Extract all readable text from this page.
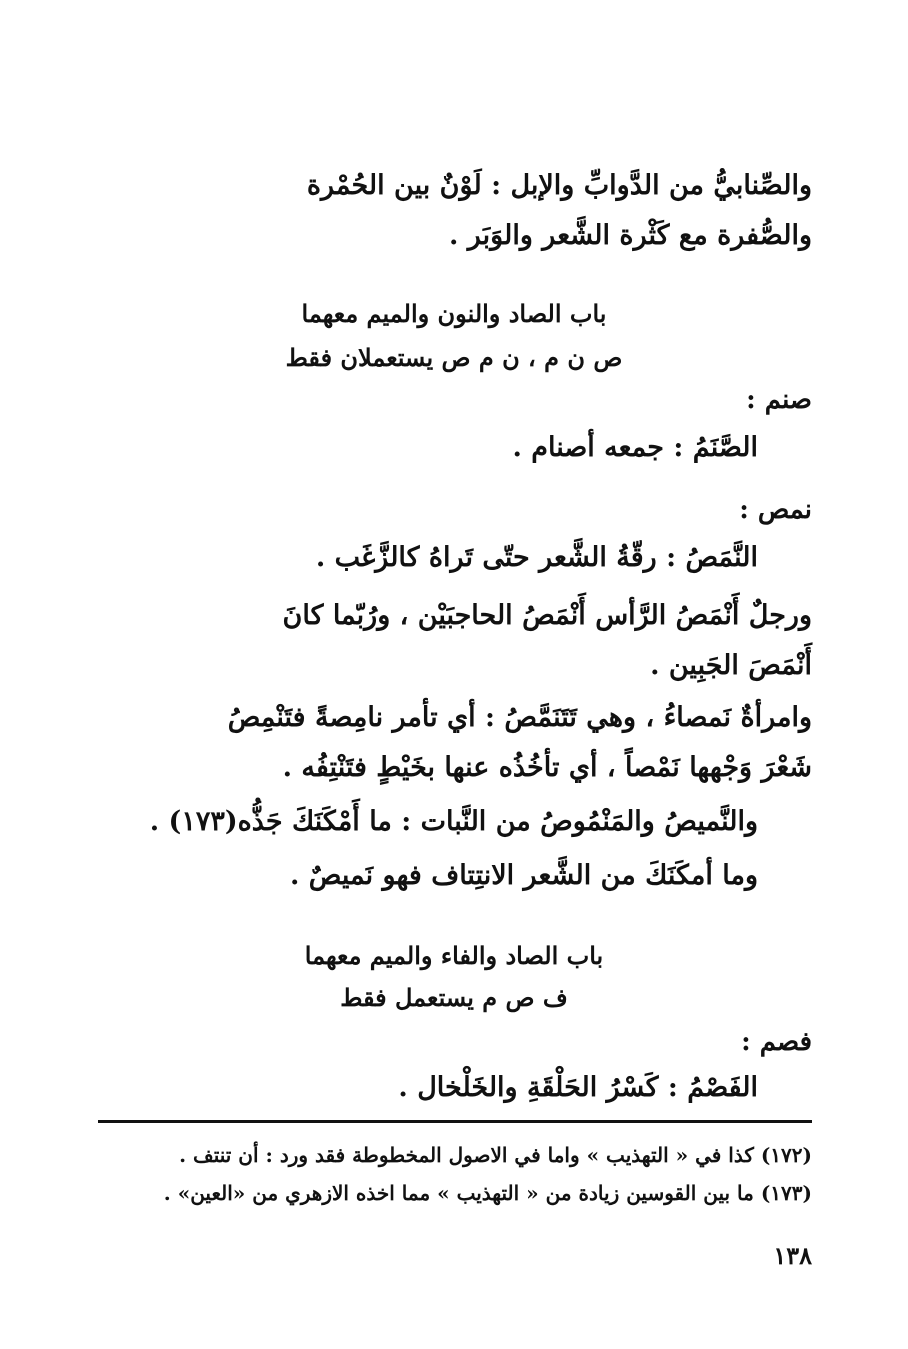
والصِّنابيُّ من الدَّوابِّ والإبل : لَوْنٌ بين الحُمْرة
والصُّفرة مع كَثْرة الشَّعر والوَبَر .
باب الصاد والنون والميم معهما
ص ن م ، ن م ص يستعملان فقط
صنم :
الصَّنَمُ : جمعه أصنام .
نمص :
النَّمَصُ : رقّةُ الشَّعر حتّى تَراهُ كالزَّغَب .
ورجلٌ أَنْمَصُ الرَّأس أَنْمَصُ الحاجبَيْن ، ورُبّما كانَ
أَنْمَصَ الجَبِين .
وامرأةٌ نَمصاءُ ، وهي تَتَنَمَّصُ : أي تأمر نامِصةً فتَنْمِصُ
شَعْرَ وَجْهها نَمْصاً ، أي تأخُذُه عنها بخَيْطٍ فتَنْتِفُه .
والنَّميصُ والمَنْمُوصُ من النَّبات : ما أَمْكَنَكَ جَذُّه(١٧٣) .
وما أمكَنَكَ من الشَّعر الانتِتاف فهو نَميصٌ .
باب الصاد والفاء والميم معهما
ف ص م يستعمل فقط
فصم :
الفَصْمُ : كَسْرُ الحَلْقَةِ والخَلْخال .
(١٧٢) كذا في « التهذيب » واما في الاصول المخطوطة فقد ورد : أن تنتف .
(١٧٣) ما بين القوسين زيادة من « التهذيب » مما اخذه الازهري من «العين» .
١٣٨
